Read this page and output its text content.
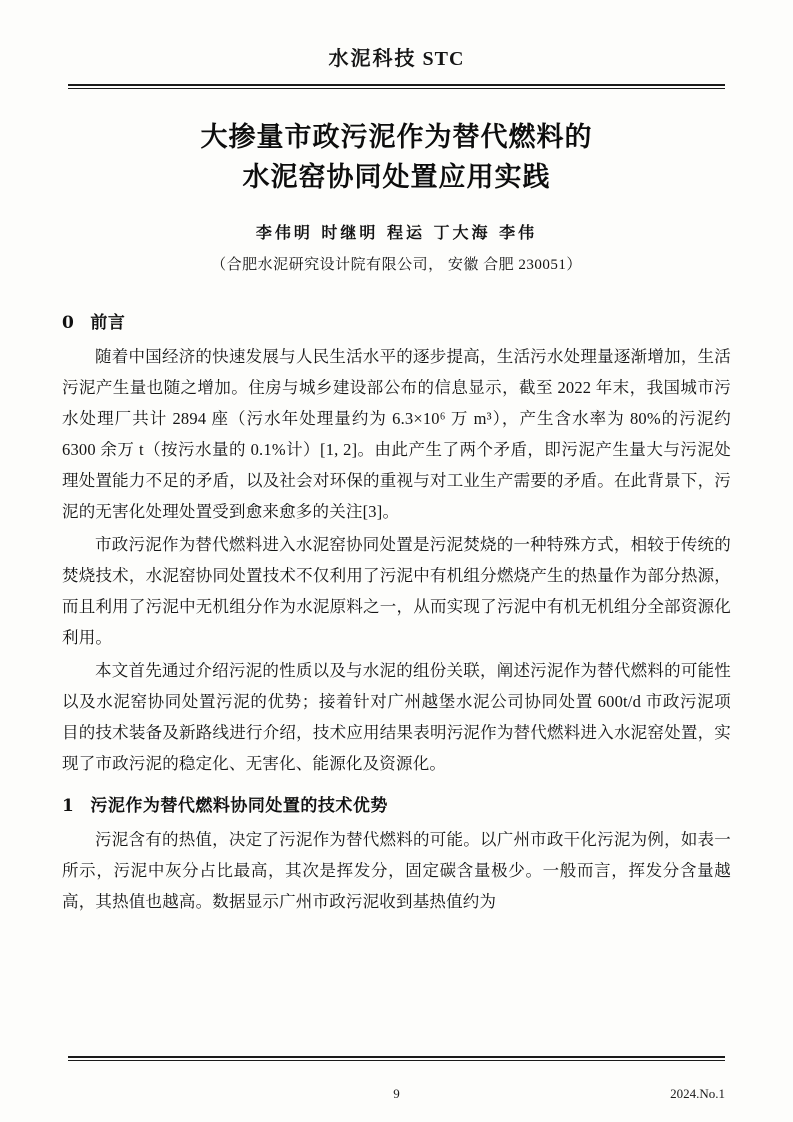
水泥科技 STC
大掺量市政污泥作为替代燃料的
水泥窑协同处置应用实践
李伟明 时继明 程运 丁大海 李伟
（合肥水泥研究设计院有限公司， 安徽 合肥 230051）
0 前言

随着中国经济的快速发展与人民生活水平的逐步提高，生活污水处理量逐渐增加，生活污泥产生量也随之增加。住房与城乡建设部公布的信息显示，截至 2022 年末，我国城市污水处理厂共计 2894 座（污水年处理量约为 6.3×10⁶ 万 m³），产生含水率为 80%的污泥约 6300 余万 t（按污水量的 0.1%计）[1, 2]。由此产生了两个矛盾，即污泥产生量大与污泥处理处置能力不足的矛盾，以及社会对环保的重视与对工业生产需要的矛盾。在此背景下，污泥的无害化处理处置受到愈来愈多的关注[3]。

市政污泥作为替代燃料进入水泥窑协同处置是污泥焚烧的一种特殊方式，相较于传统的焚烧技术，水泥窑协同处置技术不仅利用了污泥中有机组分燃烧产生的热量作为部分热源，而且利用了污泥中无机组分作为水泥原料之一，从而实现了污泥中有机无机组分全部资源化利用。

本文首先通过介绍污泥的性质以及与水泥的组份关联，阐述污泥作为替代燃料的可能性以及水泥窑协同处置污泥的优势；接着针对广州越堡水泥公司协同处置 600t/d 市政污泥项目的技术装备及新路线进行介绍，技术应用结果表明污泥作为替代燃料进入水泥窑处置，实现了市政污泥的稳定化、无害化、能源化及资源化。

1 污泥作为替代燃料协同处置的技术优势

污泥含有的热值，决定了污泥作为替代燃料的可能。以广州市政干化污泥为例，如表一所示，污泥中灰分占比最高，其次是挥发分，固定碳含量极少。一般而言，挥发分含量越高，其热值也越高。数据显示广州市政污泥收到基热值约为

9	2024.No.1
